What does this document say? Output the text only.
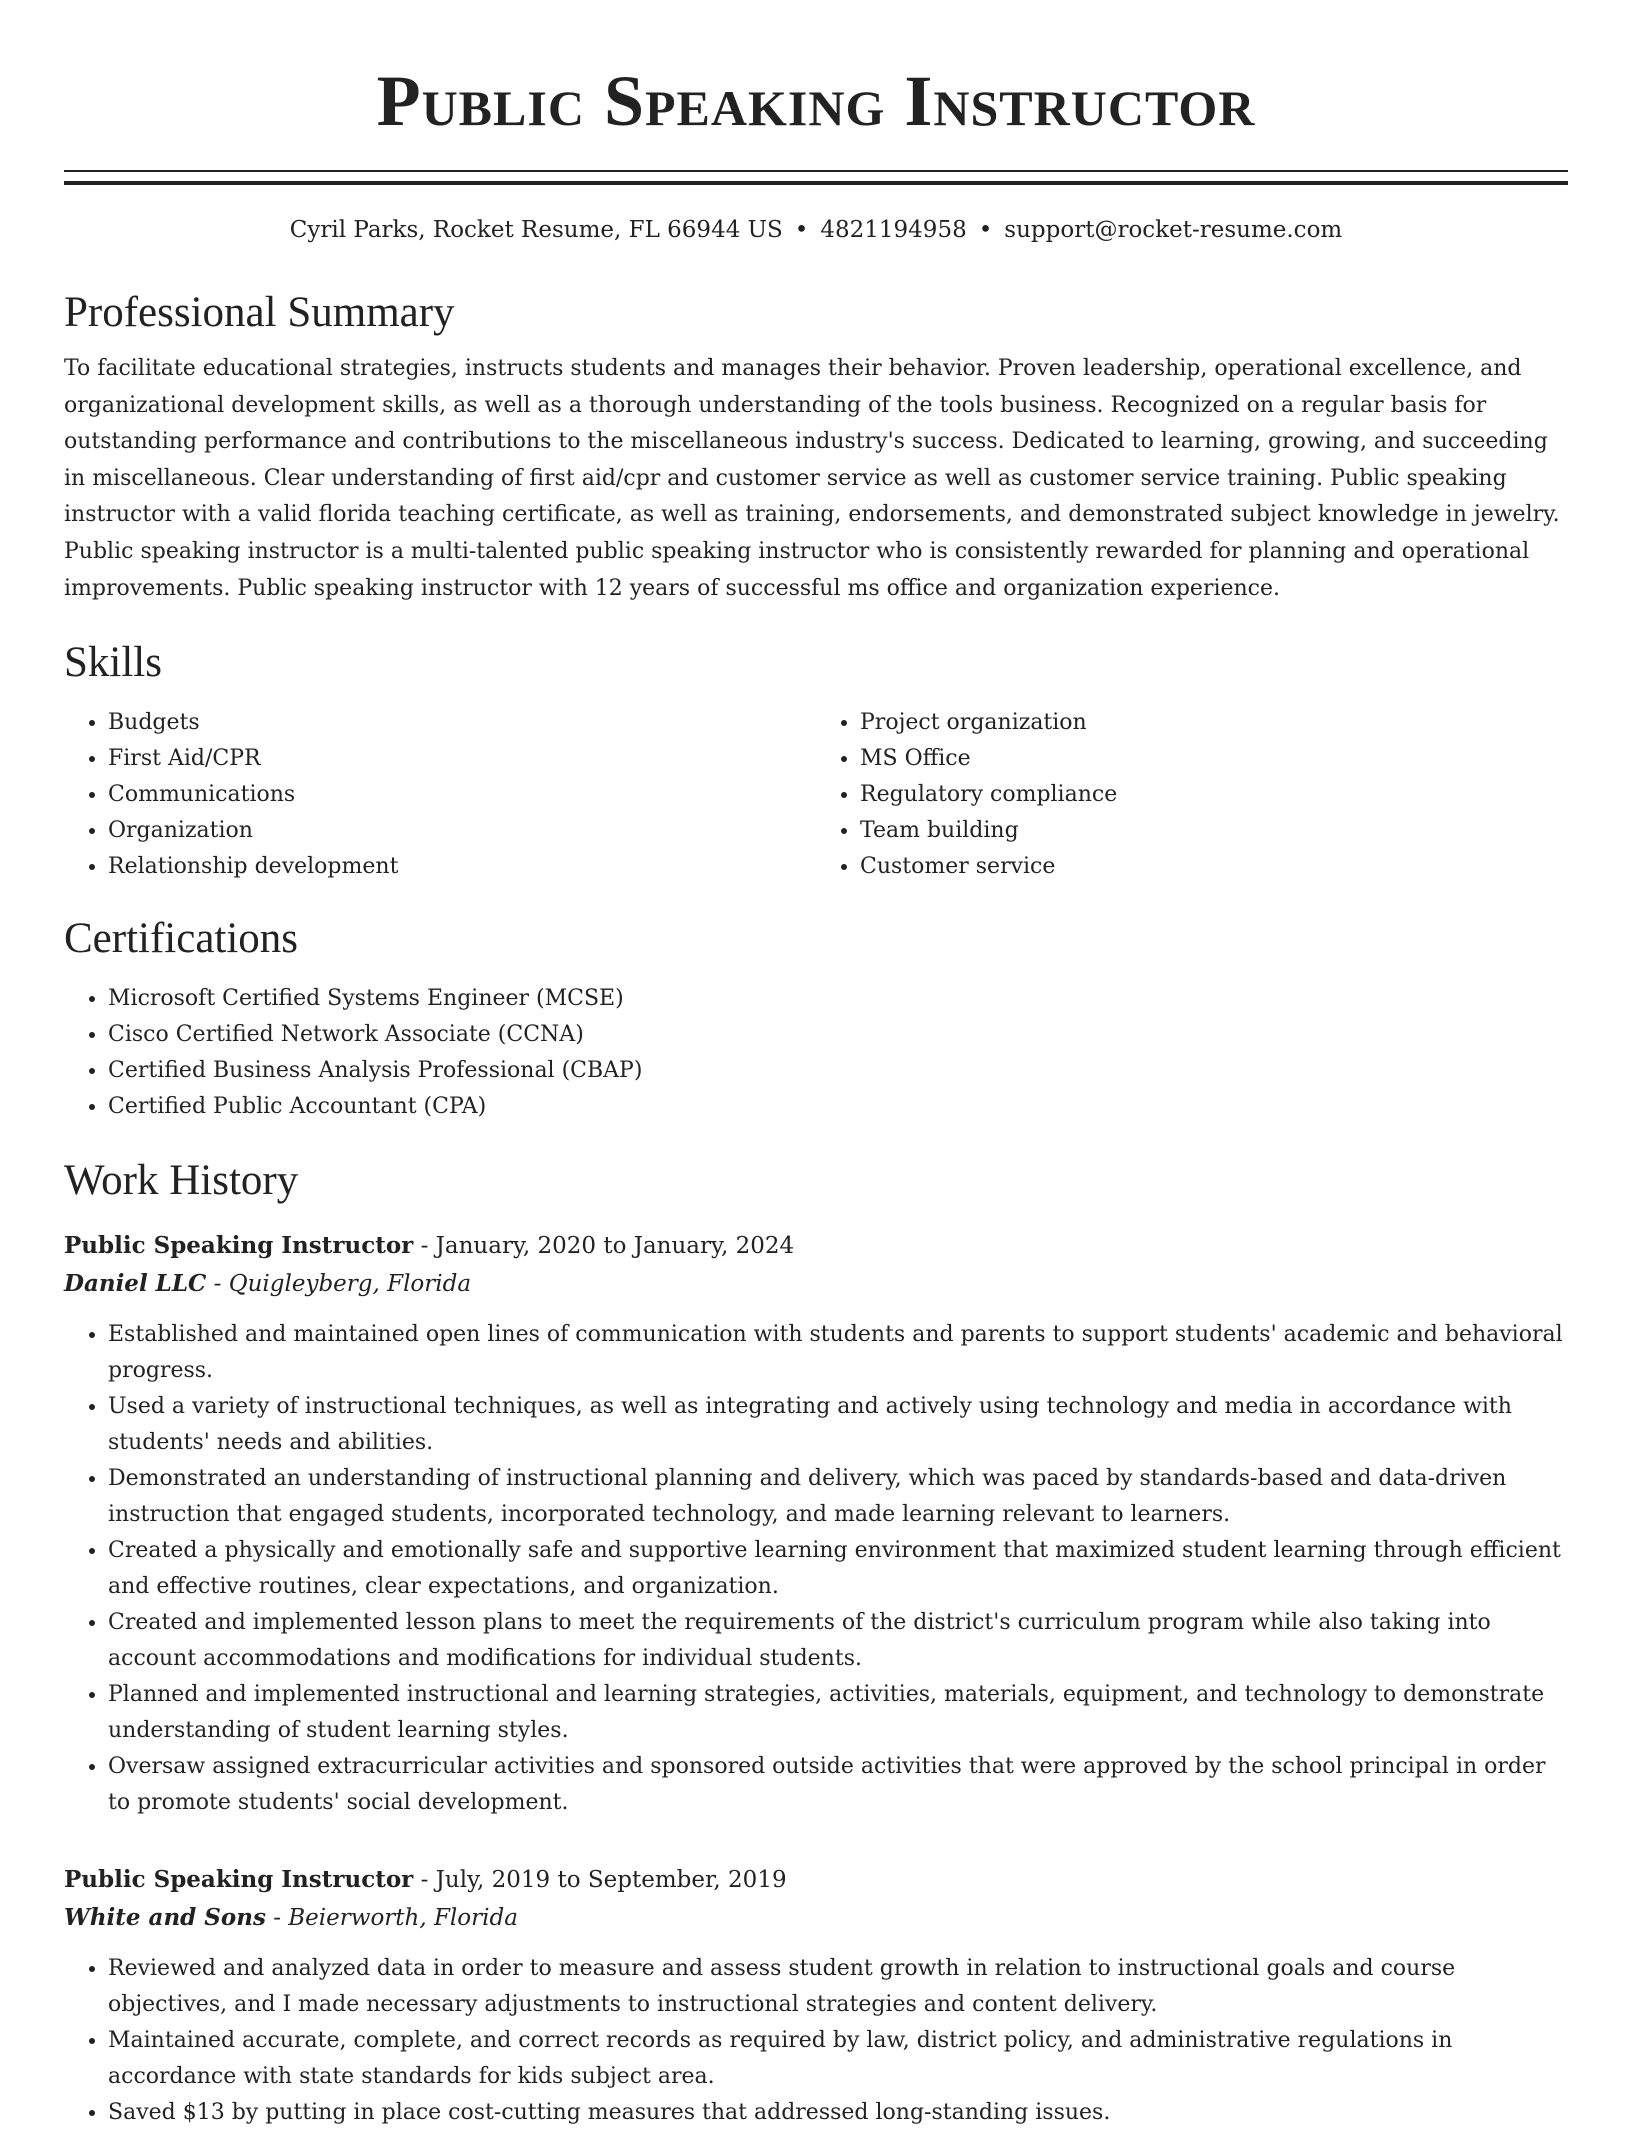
Public Speaking Instructor
Cyril Parks, Rocket Resume, FL 66944 US • 4821194958 • support@rocket-resume.com
Professional Summary

To facilitate educational strategies, instructs students and manages their behavior. Proven leadership, operational excellence, and organizational development skills, as well as a thorough understanding of the tools business. Recognized on a regular basis for outstanding performance and contributions to the miscellaneous industry's success. Dedicated to learning, growing, and succeeding in miscellaneous. Clear understanding of first aid/cpr and customer service as well as customer service training. Public speaking instructor with a valid florida teaching certificate, as well as training, endorsements, and demonstrated subject knowledge in jewelry. Public speaking instructor is a multi-talented public speaking instructor who is consistently rewarded for planning and operational improvements. Public speaking instructor with 12 years of successful ms office and organization experience.

Skills
• Budgets
• First Aid/CPR
• Communications
• Organization
• Relationship development
• Project organization
• MS Office
• Regulatory compliance
• Team building
• Customer service
Certifications
• Microsoft Certified Systems Engineer (MCSE)
• Cisco Certified Network Associate (CCNA)
• Certified Business Analysis Professional (CBAP)
• Certified Public Accountant (CPA)
Work History
Public Speaking Instructor - January, 2020 to January, 2024
Daniel LLC - Quigleyberg, Florida
• Established and maintained open lines of communication with students and parents to support students' academic and behavioral progress.
• Used a variety of instructional techniques, as well as integrating and actively using technology and media in accordance with students' needs and abilities.
• Demonstrated an understanding of instructional planning and delivery, which was paced by standards-based and data-driven instruction that engaged students, incorporated technology, and made learning relevant to learners.
• Created a physically and emotionally safe and supportive learning environment that maximized student learning through efficient and effective routines, clear expectations, and organization.
• Created and implemented lesson plans to meet the requirements of the district's curriculum program while also taking into account accommodations and modifications for individual students.
• Planned and implemented instructional and learning strategies, activities, materials, equipment, and technology to demonstrate understanding of student learning styles.
• Oversaw assigned extracurricular activities and sponsored outside activities that were approved by the school principal in order to promote students' social development.
Public Speaking Instructor - July, 2019 to September, 2019
White and Sons - Beierworth, Florida
• Reviewed and analyzed data in order to measure and assess student growth in relation to instructional goals and course objectives, and I made necessary adjustments to instructional strategies and content delivery.
• Maintained accurate, complete, and correct records as required by law, district policy, and administrative regulations in accordance with state standards for kids subject area.
• Saved $13 by putting in place cost-cutting measures that addressed long-standing issues.
